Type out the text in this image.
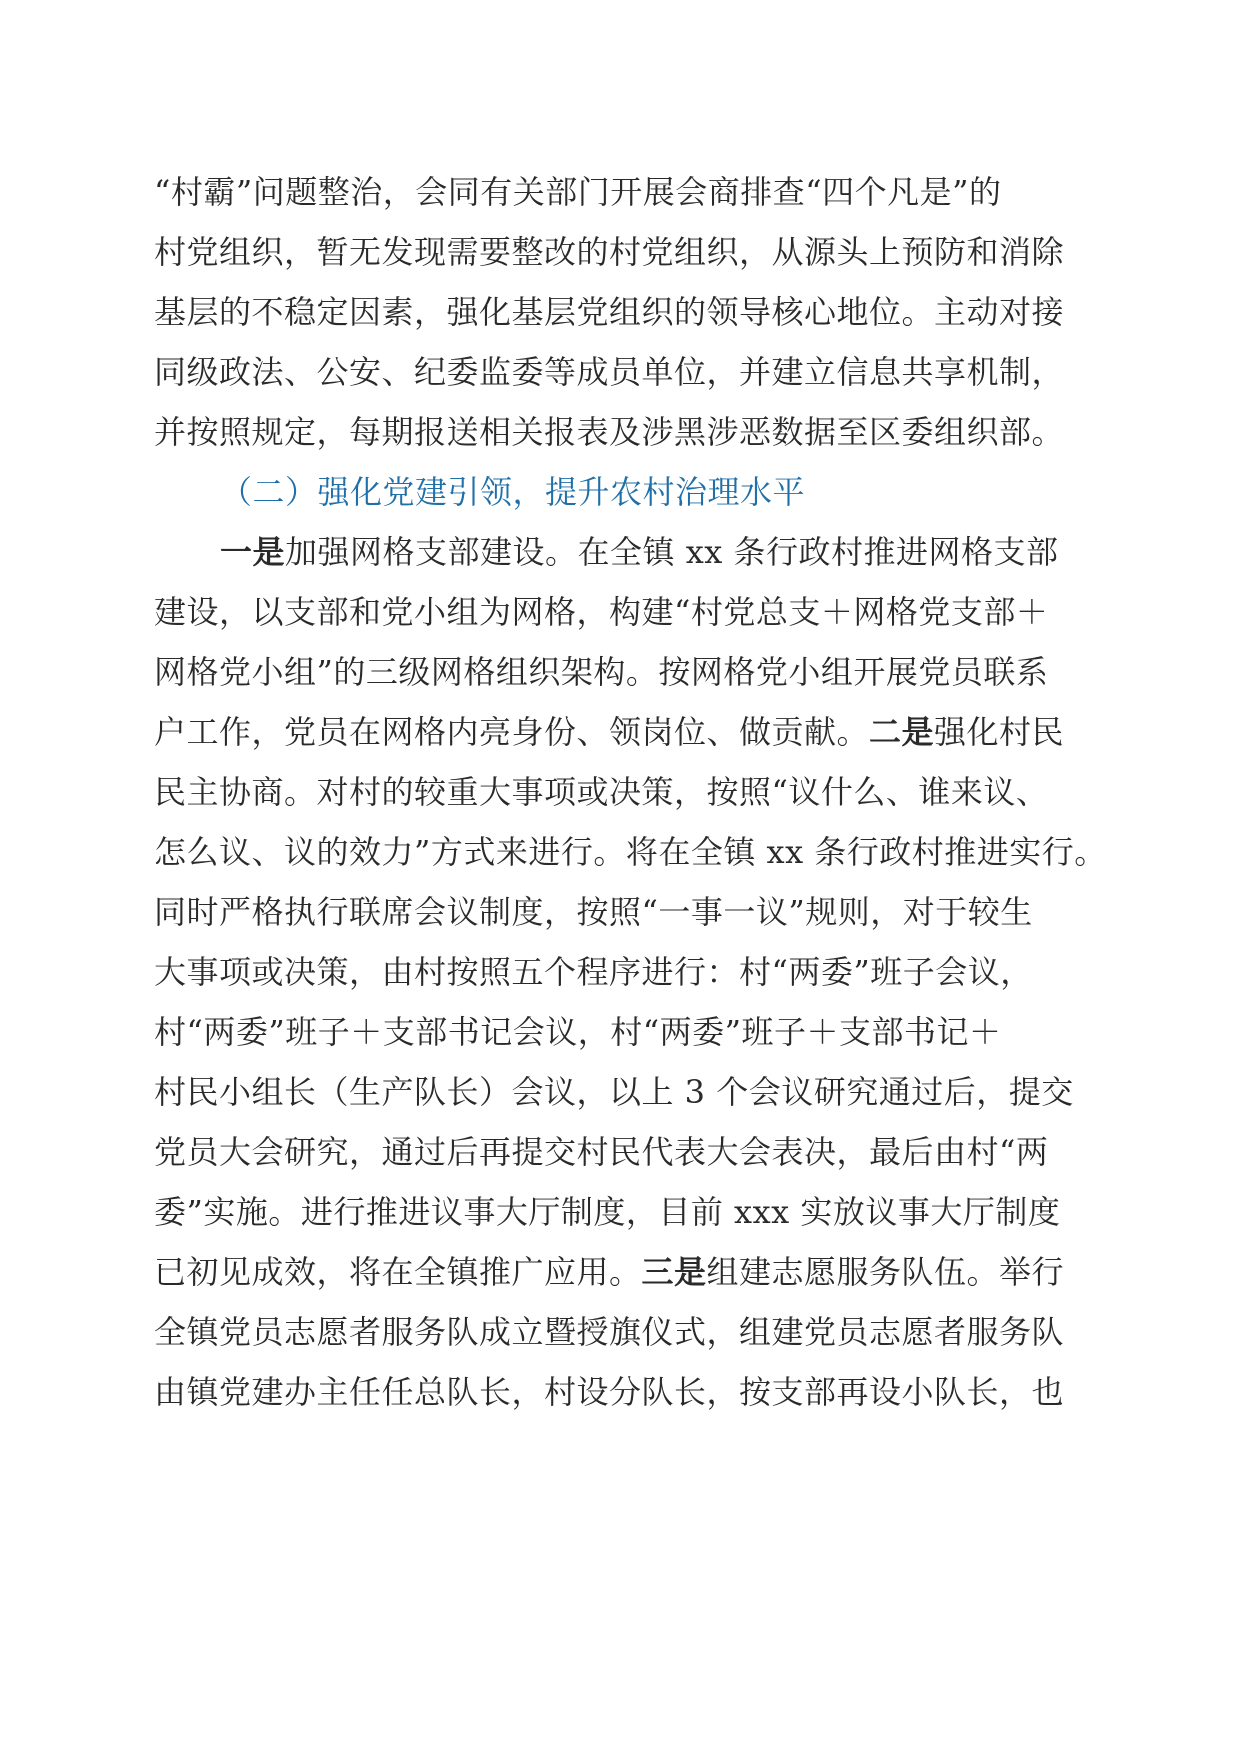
“村霸”问题整治，会同有关部门开展会商排查“四个凡是”的
村党组织，暂无发现需要整改的村党组织，从源头上预防和消除
基层的不稳定因素，强化基层党组织的领导核心地位。主动对接
同级政法、公安、纪委监委等成员单位，并建立信息共享机制，
并按照规定，每期报送相关报表及涉黑涉恶数据至区委组织部。
（二）强化党建引领，提升农村治理水平
一是加强网格支部建设。在全镇 xx 条行政村推进网格支部
建设，以支部和党小组为网格，构建“村党总支＋网格党支部＋
网格党小组”的三级网格组织架构。按网格党小组开展党员联系
户工作，党员在网格内亮身份、领岗位、做贡献。二是强化村民
民主协商。对村的较重大事项或决策，按照“议什么、谁来议、
怎么议、议的效力”方式来进行。将在全镇 xx 条行政村推进实行。
同时严格执行联席会议制度，按照“一事一议”规则，对于较生
大事项或决策，由村按照五个程序进行：村“两委”班子会议，
村“两委”班子＋支部书记会议，村“两委”班子＋支部书记＋
村民小组长（生产队长）会议，以上 3 个会议研究通过后，提交
党员大会研究，通过后再提交村民代表大会表决，最后由村“两
委”实施。进行推进议事大厅制度，目前 xxx 实放议事大厅制度
已初见成效，将在全镇推广应用。三是组建志愿服务队伍。举行
全镇党员志愿者服务队成立暨授旗仪式，组建党员志愿者服务队
由镇党建办主任任总队长，村设分队长，按支部再设小队长，也
